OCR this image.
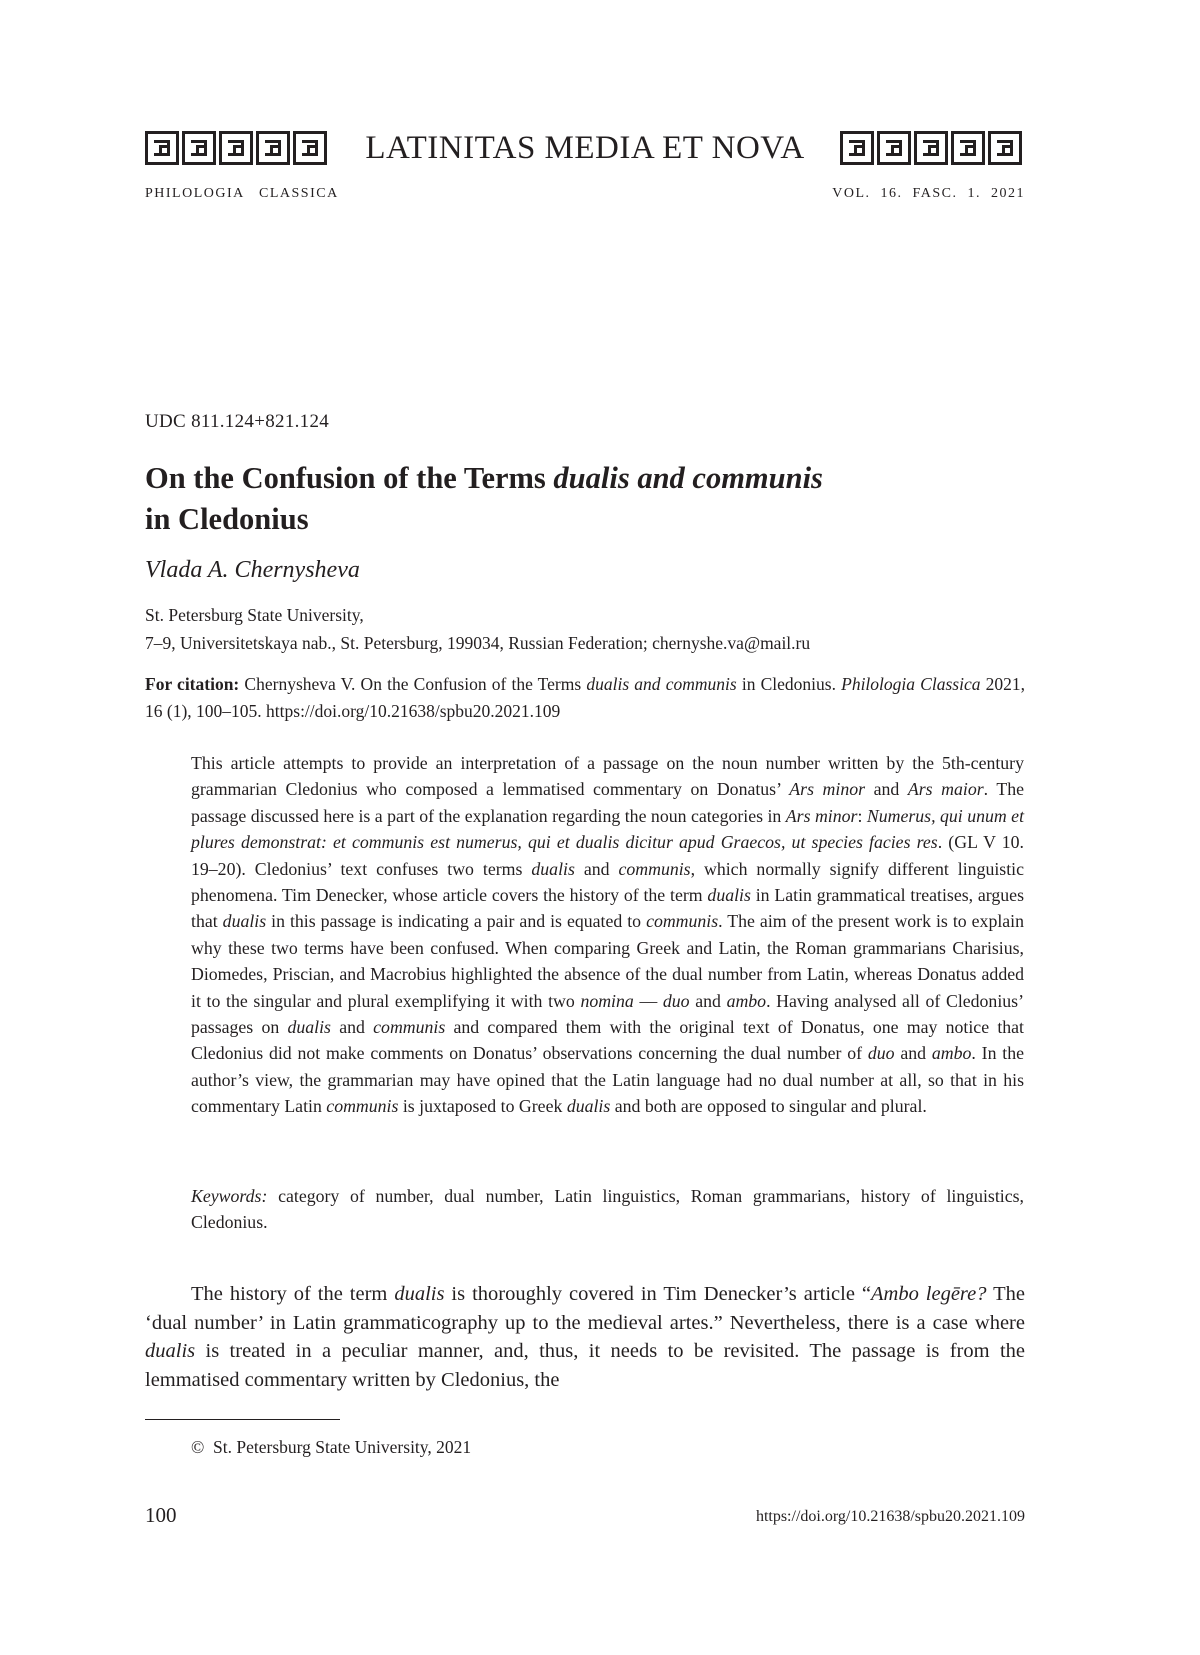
LATINITAS MEDIA ET NOVA
PHILOLOGIA   CLASSICA	VOL.  16.  FASC.  1.  2021
UDC 811.124+821.124
On the Confusion of the Terms dualis and communis
in Cledonius
Vlada A. Chernysheva
St. Petersburg State University,
7–9, Universitetskaya nab., St. Petersburg, 199034, Russian Federation; chernyshe.va@mail.ru
For citation: Chernysheva V. On the Confusion of the Terms dualis and communis in Cledonius. Philologia Classica 2021, 16 (1), 100–105. https://doi.org/10.21638/spbu20.2021.109

This article attempts to provide an interpretation of a passage on the noun number written by the 5th-century grammarian Cledonius who composed a lemmatised commentary on Donatus’ Ars minor and Ars maior. The passage discussed here is a part of the explanation regarding the noun categories in Ars minor: Numerus, qui unum et plures demonstrat: et communis est numerus, qui et dualis dicitur apud Graecos, ut species facies res. (GL V 10. 19–20). Cledonius’ text confuses two terms dualis and communis, which normally signify different linguistic phenomena. Tim Denecker, whose article covers the history of the term dualis in Latin grammatical treatises, argues that dualis in this passage is indicating a pair and is equated to communis. The aim of the present work is to explain why these two terms have been confused. When comparing Greek and Latin, the Roman grammarians Charisius, Diomedes, Priscian, and Macrobius highlighted the absence of the dual number from Latin, whereas Donatus added it to the singular and plural exemplifying it with two nomina — duo and ambo. Having analysed all of Cledonius’ passages on dualis and communis and compared them with the original text of Donatus, one may notice that Cledonius did not make comments on Donatus’ observations concerning the dual number of duo and ambo. In the author’s view, the grammarian may have opined that the Latin language had no dual number at all, so that in his commentary Latin communis is juxtaposed to Greek dualis and both are opposed to singular and plural.

Keywords: category of number, dual number, Latin linguistics, Roman grammarians, history of linguistics, Cledonius.

The history of the term dualis is thoroughly covered in Tim Denecker’s article “Ambo legēre? The ‘dual number’ in Latin grammaticography up to the medieval artes.” Nevertheless, there is a case where dualis is treated in a peculiar manner, and, thus, it needs to be revisited. The passage is from the lemmatised commentary written by Cledonius, the

©  St. Petersburg State University, 2021
100	https://doi.org/10.21638/spbu20.2021.109
